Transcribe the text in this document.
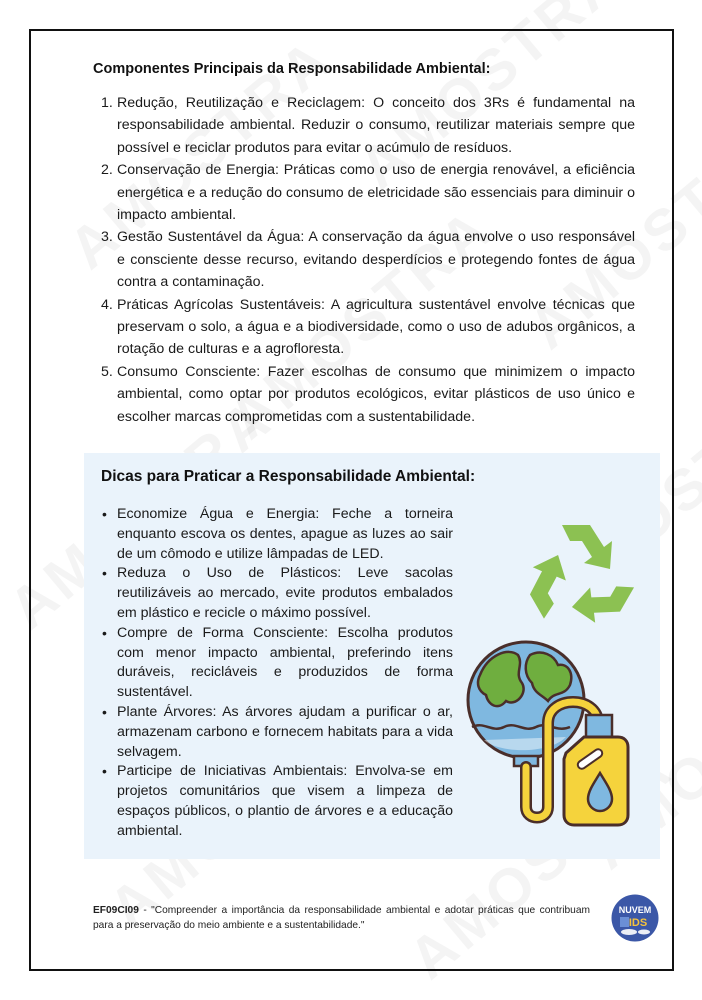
Componentes Principais da Responsabilidade Ambiental:
1. Redução, Reutilização e Reciclagem: O conceito dos 3Rs é fundamental na responsabilidade ambiental. Reduzir o consumo, reutilizar materiais sempre que possível e reciclar produtos para evitar o acúmulo de resíduos.
2. Conservação de Energia: Práticas como o uso de energia renovável, a eficiência energética e a redução do consumo de eletricidade são essenciais para diminuir o impacto ambiental.
3. Gestão Sustentável da Água: A conservação da água envolve o uso responsável e consciente desse recurso, evitando desperdícios e protegendo fontes de água contra a contaminação.
4. Práticas Agrícolas Sustentáveis: A agricultura sustentável envolve técnicas que preservam o solo, a água e a biodiversidade, como o uso de adubos orgânicos, a rotação de culturas e a agrofloresta.
5. Consumo Consciente: Fazer escolhas de consumo que minimizem o impacto ambiental, como optar por produtos ecológicos, evitar plásticos de uso único e escolher marcas comprometidas com a sustentabilidade.
Dicas para Praticar a Responsabilidade Ambiental:
• Economize Água e Energia: Feche a torneira enquanto escova os dentes, apague as luzes ao sair de um cômodo e utilize lâmpadas de LED.
• Reduza o Uso de Plásticos: Leve sacolas reutilizáveis ao mercado, evite produtos embalados em plástico e recicle o máximo possível.
• Compre de Forma Consciente: Escolha produtos com menor impacto ambiental, preferindo itens duráveis, recicláveis e produzidos de forma sustentável.
• Plante Árvores: As árvores ajudam a purificar o ar, armazenam carbono e fornecem habitats para a vida selvagem.
• Participe de Iniciativas Ambientais: Envolva-se em projetos comunitários que visem a limpeza de espaços públicos, o plantio de árvores e a educação ambiental.
EF09CI09 - "Compreender a importância da responsabilidade ambiental e adotar práticas que contribuam para a preservação do meio ambiente e a sustentabilidade."
NUVEM
IDS
